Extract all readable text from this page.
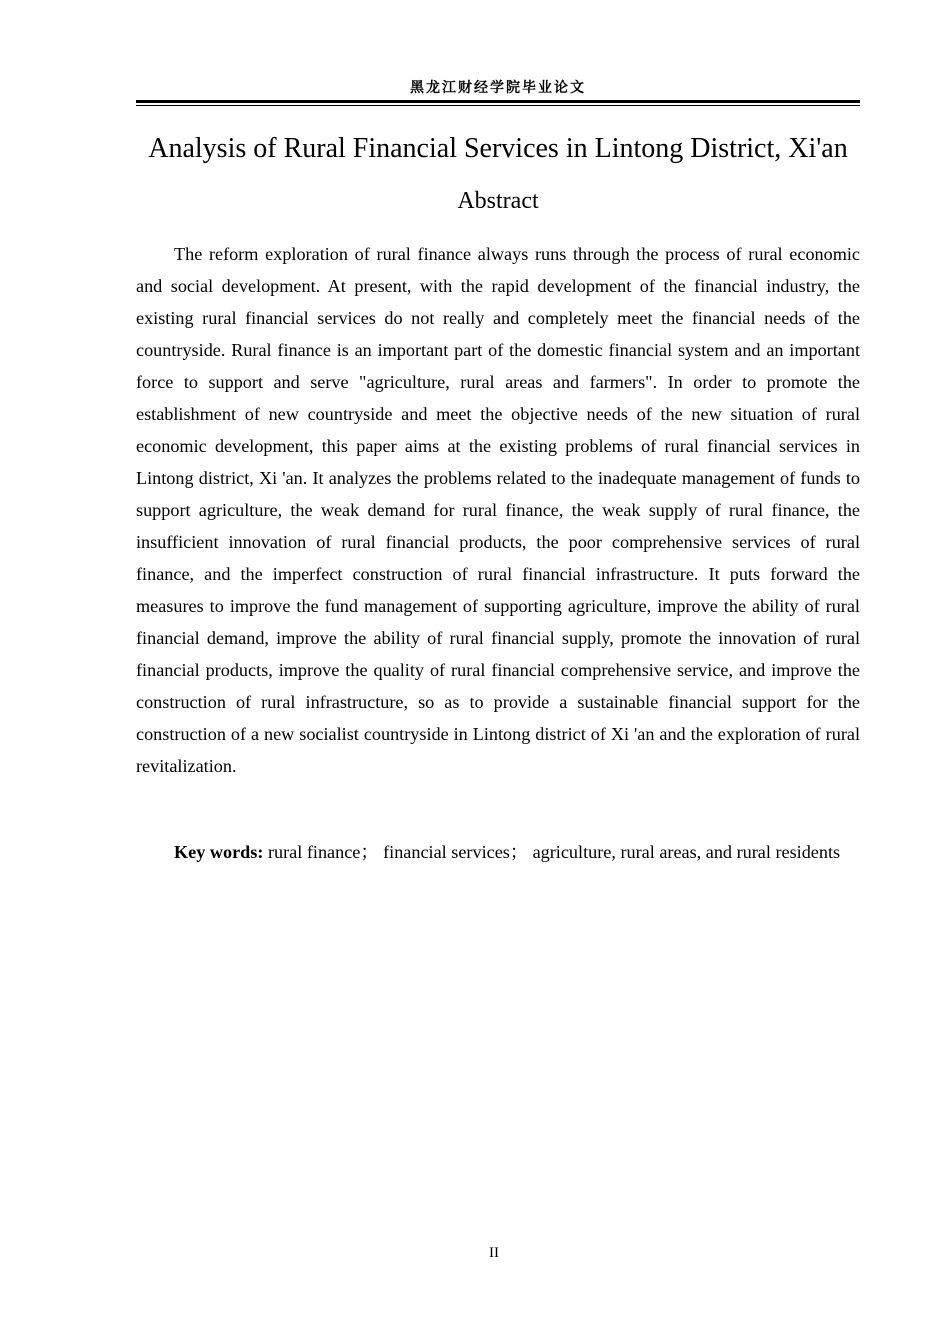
黑龙江财经学院毕业论文
Analysis of Rural Financial Services in Lintong District, Xi'an
Abstract

The reform exploration of rural finance always runs through the process of rural economic and social development. At present, with the rapid development of the financial industry, the existing rural financial services do not really and completely meet the financial needs of the countryside. Rural finance is an important part of the domestic financial system and an important force to support and serve "agriculture, rural areas and farmers". In order to promote the establishment of new countryside and meet the objective needs of the new situation of rural economic development, this paper aims at the existing problems of rural financial services in Lintong district, Xi 'an. It analyzes the problems related to the inadequate management of funds to support agriculture, the weak demand for rural finance, the weak supply of rural finance, the insufficient innovation of rural financial products, the poor comprehensive services of rural finance, and the imperfect construction of rural financial infrastructure. It puts forward the measures to improve the fund management of supporting agriculture, improve the ability of rural financial demand, improve the ability of rural financial supply, promote the innovation of rural financial products, improve the quality of rural financial comprehensive service, and improve the construction of rural infrastructure, so as to provide a sustainable financial support for the construction of a new socialist countryside in Lintong district of Xi 'an and the exploration of rural revitalization.

Key words: rural finance； financial services； agriculture, rural areas, and rural residents

II
